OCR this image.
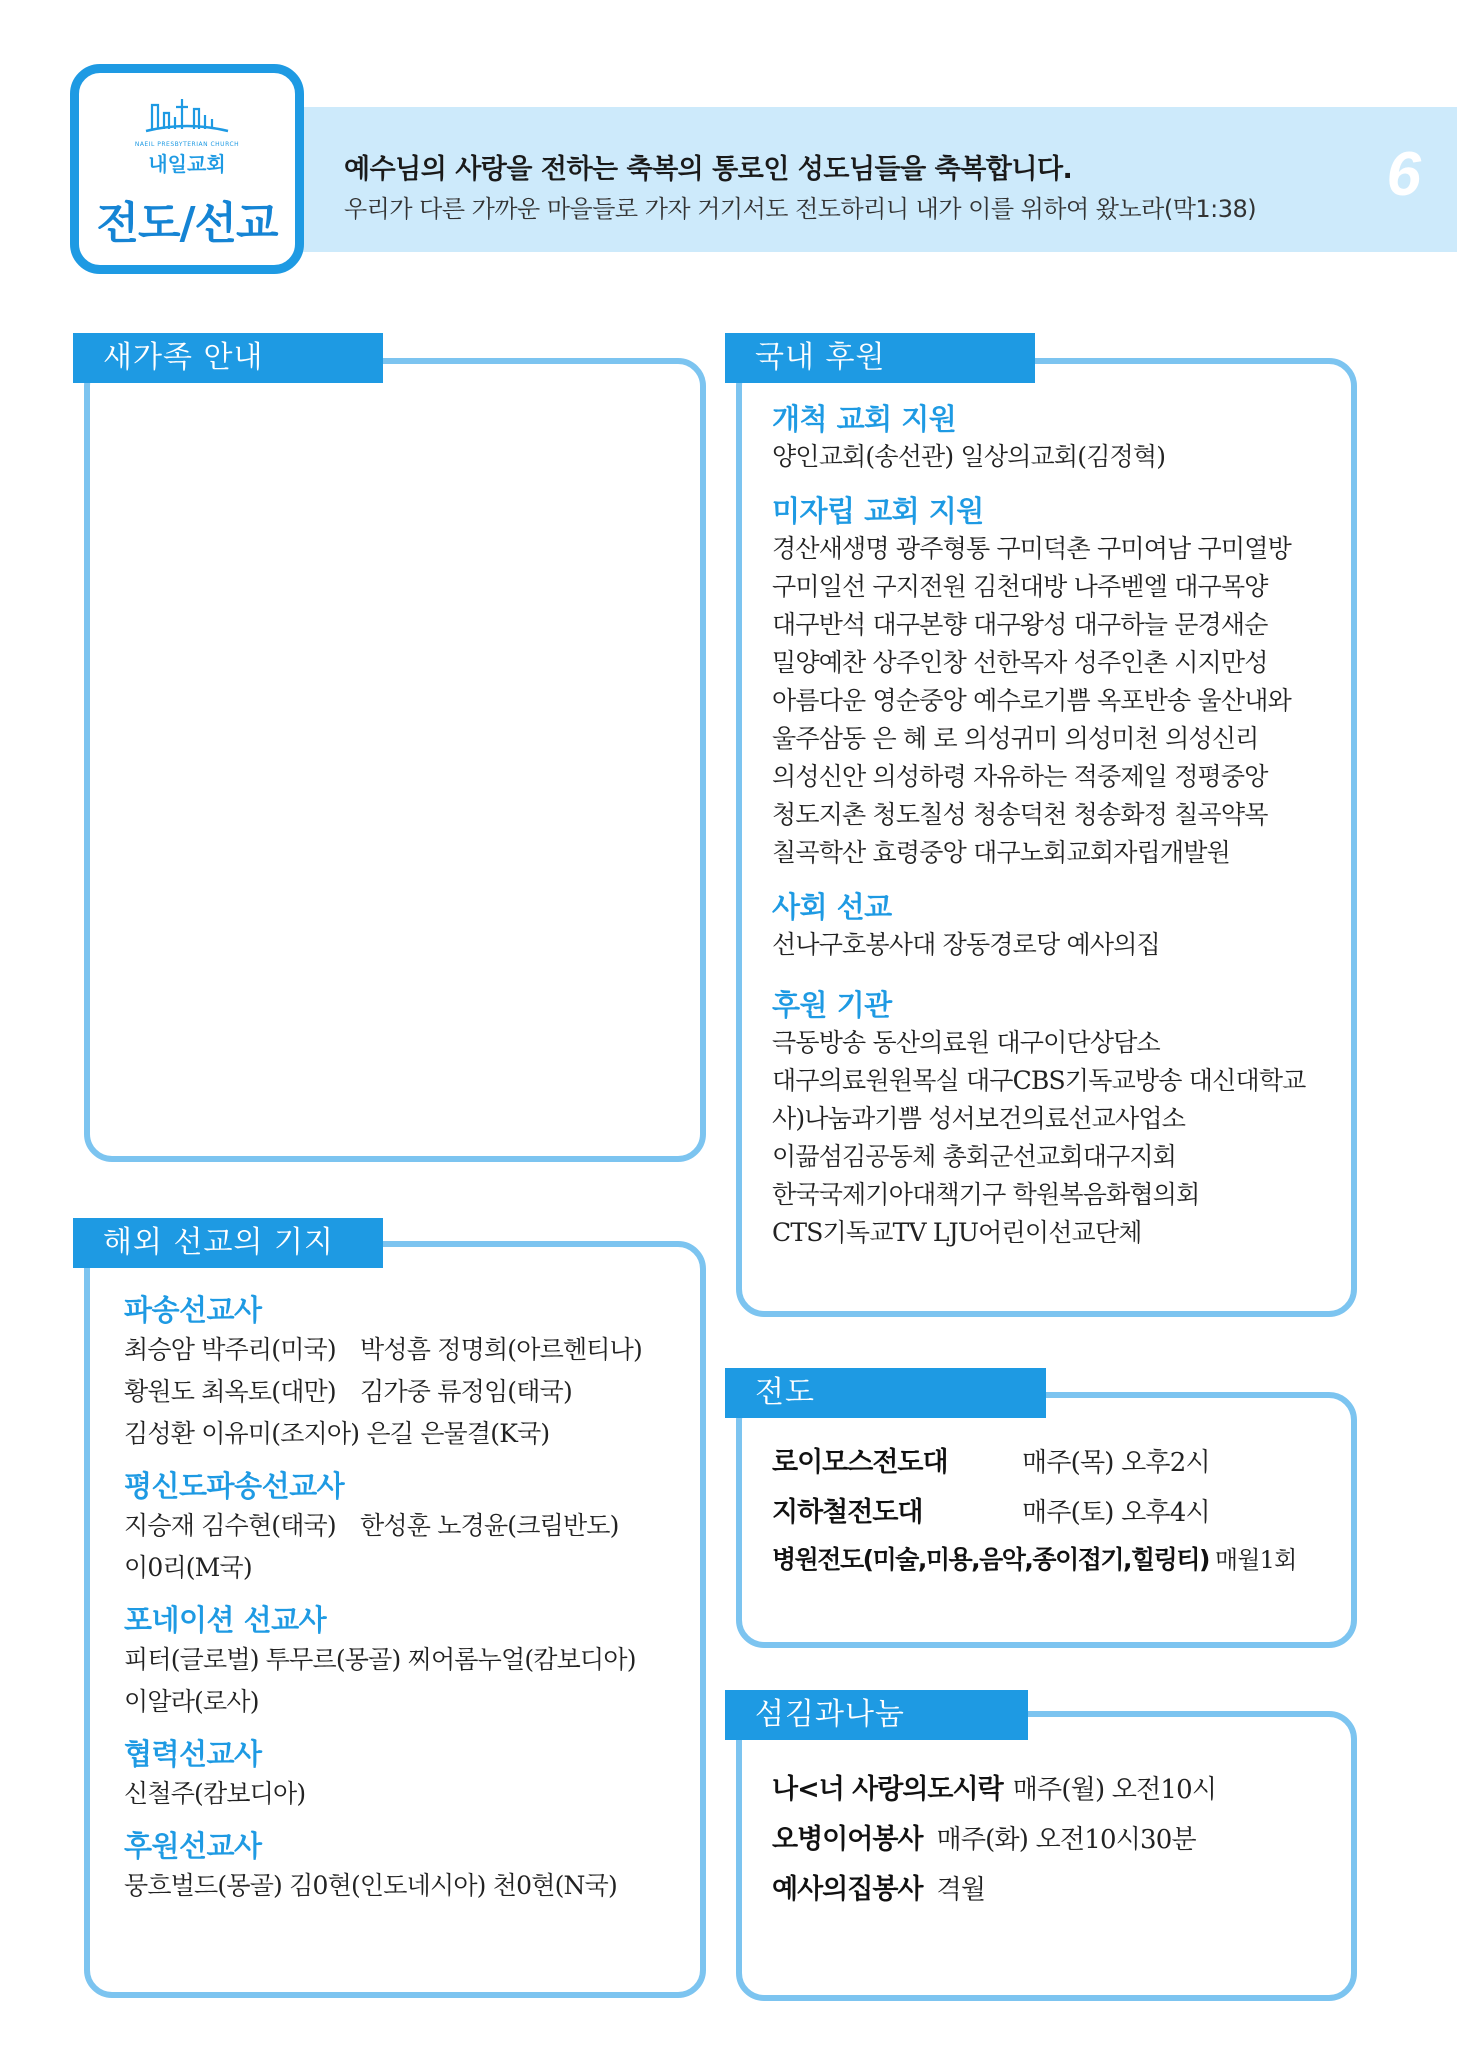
예수님의 사랑을 전하는 축복의 통로인 성도님들을 축복합니다.
우리가 다른 가까운 마을들로 가자 거기서도 전도하리니 내가 이를 위하여 왔노라(막1:38) 6
NAEIL PRESBYTERIAN CHURCH
내일교회
전도/선교
새가족 안내
해외 선교의 기지
파송선교사
최승암 박주리(미국)　박성흠 정명희(아르헨티나)
황원도 최옥토(대만)　김가중 류정임(태국)
김성환 이유미(조지아) 은길 은물결(K국)
평신도파송선교사
지승재 김수현(태국)　한성훈 노경윤(크림반도)
이0리(M국)
포네이션 선교사
피터(글로벌) 투무르(몽골) 찌어롬누얼(캄보디아)
이알라(로사)
협력선교사
신철주(캄보디아)
후원선교사
뭉흐벌드(몽골) 김0현(인도네시아) 천0현(N국)
국내 후원
개척 교회 지원
양인교회(송선관) 일상의교회(김정혁)
미자립 교회 지원
경산새생명 광주형통 구미덕촌 구미여남 구미열방
구미일선 구지전원 김천대방 나주벧엘 대구목양
대구반석 대구본향 대구왕성 대구하늘 문경새순
밀양예찬 상주인창 선한목자 성주인촌 시지만성
아름다운 영순중앙 예수로기쁨 옥포반송 울산내와
울주삼동 은 혜 로 의성귀미 의성미천 의성신리
의성신안 의성하령 자유하는 적중제일 정평중앙
청도지촌 청도칠성 청송덕천 청송화정 칠곡약목
칠곡학산 효령중앙 대구노회교회자립개발원
사회 선교
선나구호봉사대 장동경로당 예사의집
후원 기관
극동방송 동산의료원 대구이단상담소
대구의료원원목실 대구CBS기독교방송 대신대학교
사)나눔과기쁨 성서보건의료선교사업소
이끎섬김공동체 총회군선교회대구지회
한국국제기아대책기구 학원복음화협의회
CTS기독교TV LJU어린이선교단체
전도
로이모스전도대	매주(목) 오후2시
지하철전도대	매주(토) 오후4시
병원전도(미술,미용,음악,종이접기,힐링티) 매월1회
섬김과나눔
나<너 사랑의도시락 매주(월) 오전10시
오병이어봉사 매주(화) 오전10시30분
예사의집봉사 격월
